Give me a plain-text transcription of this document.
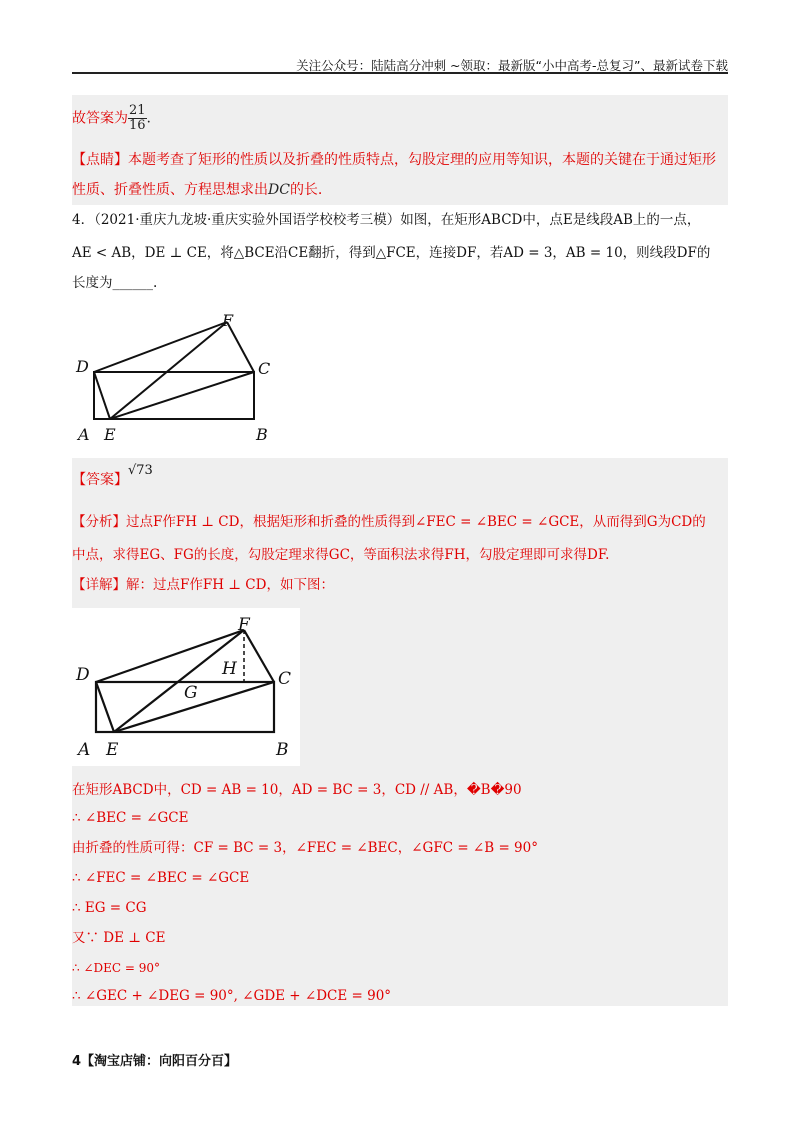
关注公众号：陆陆高分冲刺 ~领取：最新版“小中高考-总复习”、最新试卷下载
故答案为 $\frac{21}{16}$ .
【点睛】本题考查了矩形的性质以及折叠的性质特点，勾股定理的应用等知识，本题的关键在于通过矩形
性质、折叠性质、方程思想求出DC的长.
4．（2021·重庆九龙坡·重庆实验外国语学校校考三模）如图，在矩形ABCD中，点E是线段AB上的一点，
AE < AB，DE ⊥ CE，将△BCE沿CE翻折，得到△FCE，连接DF，若AD = 3，AB = 10，则线段DF的
长度为______.
F
D	C
A E	B
【答案】√73
【分析】过点F作FH ⊥ CD，根据矩形和折叠的性质得到∠FEC = ∠BEC = ∠GCE，从而得到G为CD的
中点，求得EG、FG的长度，勾股定理求得GC，等面积法求得FH，勾股定理即可求得DF.
【详解】解：过点F作FH ⊥ CD，如下图：
F
H
D
G
C
A E	B
在矩形ABCD中，CD = AB = 10，AD = BC = 3，CD // AB，�B�90
∴ ∠BEC = ∠GCE
由折叠的性质可得：CF = BC = 3，∠FEC = ∠BEC，∠GFC = ∠B = 90°
∴ ∠FEC = ∠BEC = ∠GCE
∴ EG = CG
又∵ DE ⊥ CE
∴ ∠DEC = 90°
∴ ∠GEC + ∠DEG = 90°, ∠GDE + ∠DCE = 90°
4【淘宝店铺：向阳百分百】
